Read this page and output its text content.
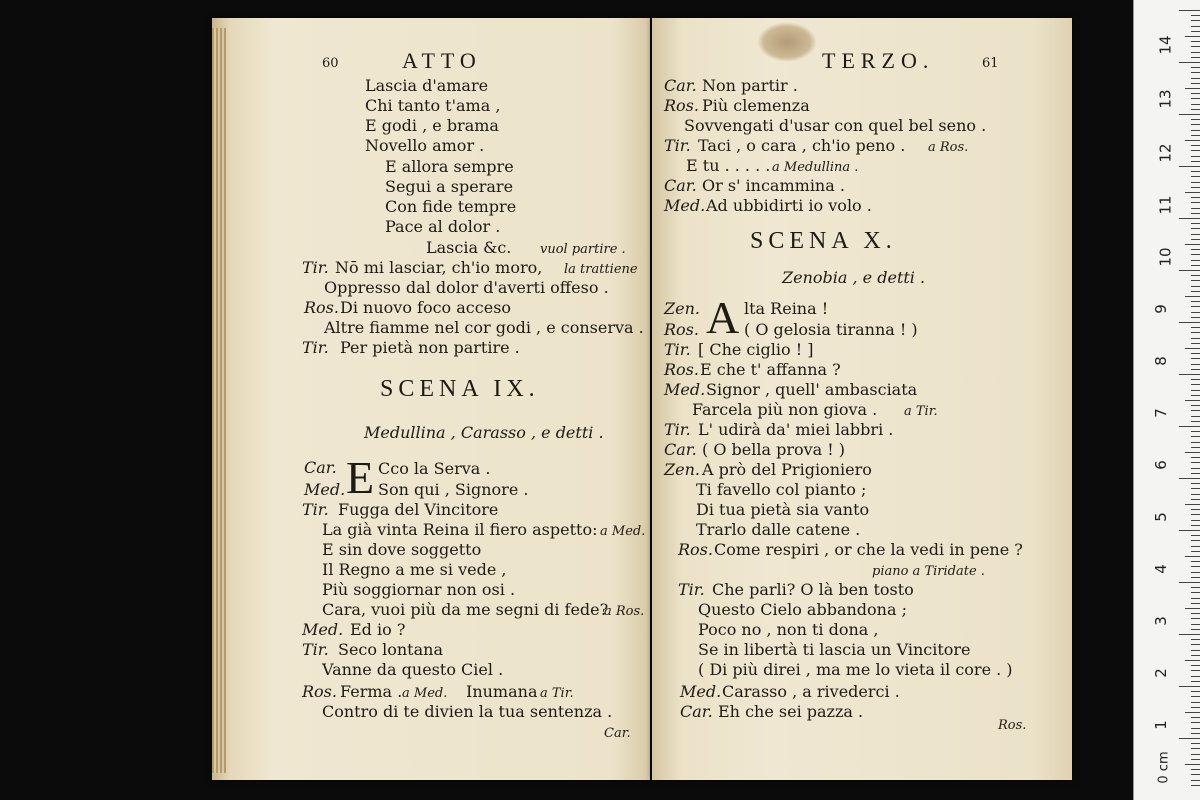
60	ATTO
Lascia d'amare
Chi tanto t'ama ,
E godi , e brama
Novello amor .
E allora sempre
Segui a sperare
Con fide tempre
Pace al dolor .
Lascia &c. vuol partire .
Tir. Nō mi lasciar, ch'io moro, la trattiene
Oppresso dal dolor d'averti offeso .
Ros. Di nuovo foco acceso
Altre fiamme nel cor godi , e conserva .
Tir. Per pietà non partire .
SCENA IX.
Medullina , Carasso , e detti .
Car. E Cco la Serva .
Med. Son qui , Signore .
Tir. Fugga del Vincitore
La già vinta Reina il fiero aspetto: a Med.
E sin dove soggetto
Il Regno a me si vede ,
Più soggiornar non osi .
Cara, vuoi più da me segni di fede?
a Ros.
Med. Ed io ?
Tir. Seco lontana
Vanne da questo Ciel .
Ros. Ferma . a Med. Inumana a Tir.
Contro di te divien la tua sentenza .
Car.
TERZO.	61
Car. Non partir .
Ros. Più clemenza
Sovvengati d'usar con quel bel seno .
Tir. Taci , o cara , ch'io peno . a Ros.
E tu . . . . . a Medullina .
Car. Or s' incammina .
Med. Ad ubbidirti io volo .
SCENA X.
Zenobia , e detti .
Zen. A lta Reina !
Ros.	( O gelosia tiranna ! )
Tir. [ Che ciglio ! ]
Ros. E che t' affanna ?
Med. Signor , quell' ambasciata
Farcela più non giova . a Tir.
Tir. L' udirà da' miei labbri .
Car. ( O bella prova ! )
Zen. A prò del Prigioniero
Ti favello col pianto ;
Di tua pietà sia vanto
Trarlo dalle catene .
Ros. Come respiri , or che la vedi in pene ?
piano a Tiridate .
Tir. Che parli? O là ben tosto
Questo Cielo abbandona ;
Poco no , non ti dona ,
Se in libertà ti lascia un Vincitore
( Di più direi , ma me lo vieta il core . )
Med. Carasso , a rivederci .
Car. Eh che sei pazza .
Ros.
14
13
12
11
10
9
8
7
6
5
4
3
2
1
0 cm
